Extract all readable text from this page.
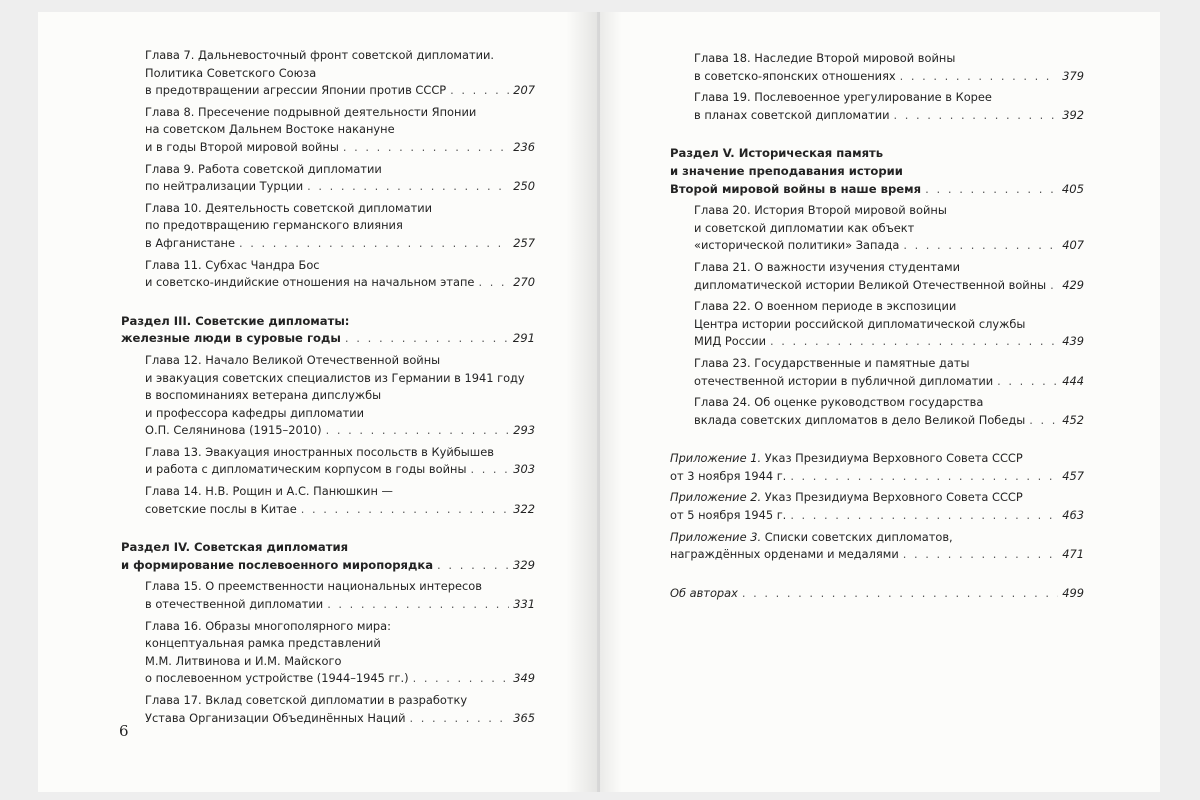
Глава 7. Дальневосточный фронт советской дипломатии.
Политика Советского Союза
в предотвращении агрессии Японии против СССР . . .	207
Глава 8. Пресечение подрывной деятельности Японии
на советском Дальнем Востоке накануне
и в годы Второй мировой войны . . .	236
Глава 9. Работа советской дипломатии
по нейтрализации Турции . . .	250
Глава 10. Деятельность советской дипломатии
по предотвращению германского влияния
в Афганистане . . .	257
Глава 11. Субхас Чандра Бос
и советско-индийские отношения на начальном этапе . . .	270
Раздел III. Советские дипломаты:
железные люди в суровые годы . . .	291
Глава 12. Начало Великой Отечественной войны
и эвакуация советских специалистов из Германии в 1941 году
в воспоминаниях ветерана дипслужбы
и профессора кафедры дипломатии
О.П. Селянинова (1915–2010) . . .	293
Глава 13. Эвакуация иностранных посольств в Куйбышев
и работа с дипломатическим корпусом в годы войны . . .	303
Глава 14. Н.В. Рощин и А.С. Панюшкин —
советские послы в Китае . . .	322
Раздел IV. Советская дипломатия
и формирование послевоенного миропорядка . . .	329
Глава 15. О преемственности национальных интересов
в отечественной дипломатии . . .	331
Глава 16. Образы многополярного мира:
концептуальная рамка представлений
М.М. Литвинова и И.М. Майского
о послевоенном устройстве (1944–1945 гг.) . . .	349
Глава 17. Вклад советской дипломатии в разработку
Устава Организации Объединённых Наций . . .	365
Глава 18. Наследие Второй мировой войны
в советско-японских отношениях . . .	379
Глава 19. Послевоенное урегулирование в Корее
в планах советской дипломатии . . .	392
Раздел V. Историческая память
и значение преподавания истории
Второй мировой войны в наше время . . .	405
Глава 20. История Второй мировой войны
и советской дипломатии как объект
«исторической политики» Запада . . .	407
Глава 21. О важности изучения студентами
дипломатической истории Великой Отечественной войны . . . 429
Глава 22. О военном периоде в экспозиции
Центра истории российской дипломатической службы
МИД России . . .	439
Глава 23. Государственные и памятные даты
отечественной истории в публичной дипломатии . . .	444
Глава 24. Об оценке руководством государства
вклада советских дипломатов в дело Великой Победы . . .	452
Приложение 1. Указ Президиума Верховного Совета СССР
от 3 ноября 1944 г. . . .	457
Приложение 2. Указ Президиума Верховного Совета СССР
от 5 ноября 1945 г. . . .	463
Приложение 3. Списки советских дипломатов,
награждённых орденами и медалями . . .	471
Об авторах . . .	499
6
